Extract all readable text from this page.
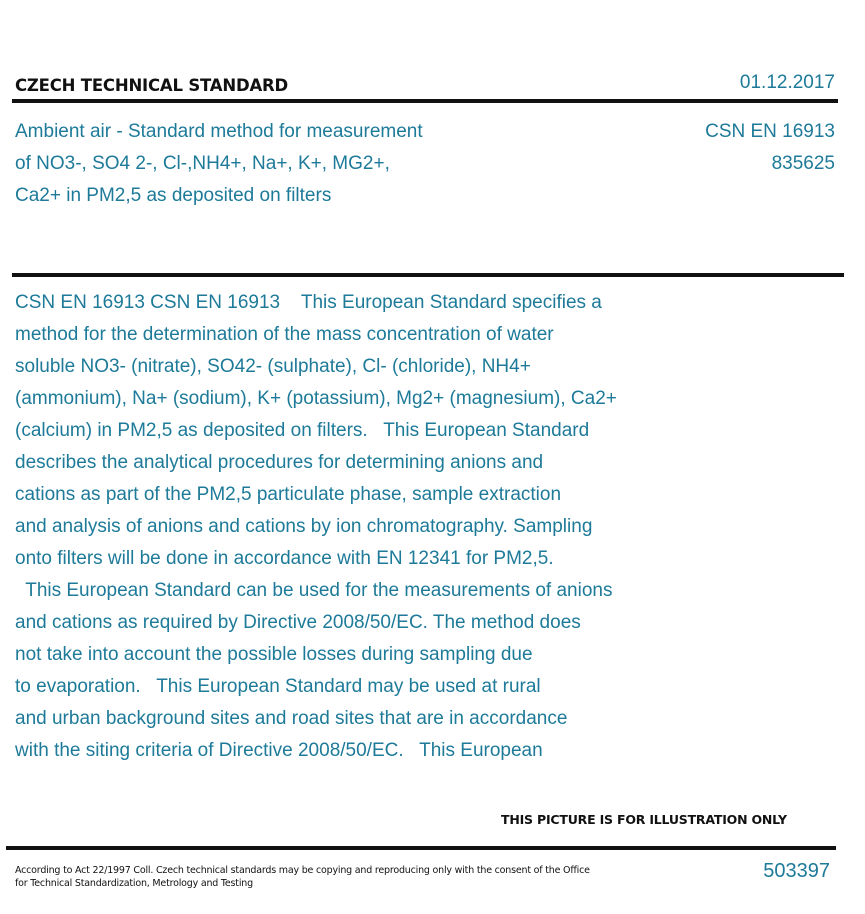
CZECH TECHNICAL STANDARD	01.12.2017
Ambient air - Standard method for measurement
of NO3-, SO4 2-, Cl-,NH4+, Na+, K+, MG2+,
Ca2+ in PM2,5 as deposited on filters
CSN EN 16913
835625
CSN EN 16913 CSN EN 16913    This European Standard specifies a
method for the determination of the mass concentration of water
soluble NO3- (nitrate), SO42- (sulphate), Cl- (chloride), NH4+
(ammonium), Na+ (sodium), K+ (potassium), Mg2+ (magnesium), Ca2+
(calcium) in PM2,5 as deposited on filters.   This European Standard
describes the analytical procedures for determining anions and
cations as part of the PM2,5 particulate phase, sample extraction
and analysis of anions and cations by ion chromatography. Sampling
onto filters will be done in accordance with EN 12341 for PM2,5.
This European Standard can be used for the measurements of anions
and cations as required by Directive 2008/50/EC. The method does
not take into account the possible losses during sampling due
to evaporation.   This European Standard may be used at rural
and urban background sites and road sites that are in accordance
with the siting criteria of Directive 2008/50/EC.   This European
THIS PICTURE IS FOR ILLUSTRATION ONLY
According to Act 22/1997 Coll. Czech technical standards may be copying and reproducing only with the consent of the Office
for Technical Standardization, Metrology and Testing
503397
